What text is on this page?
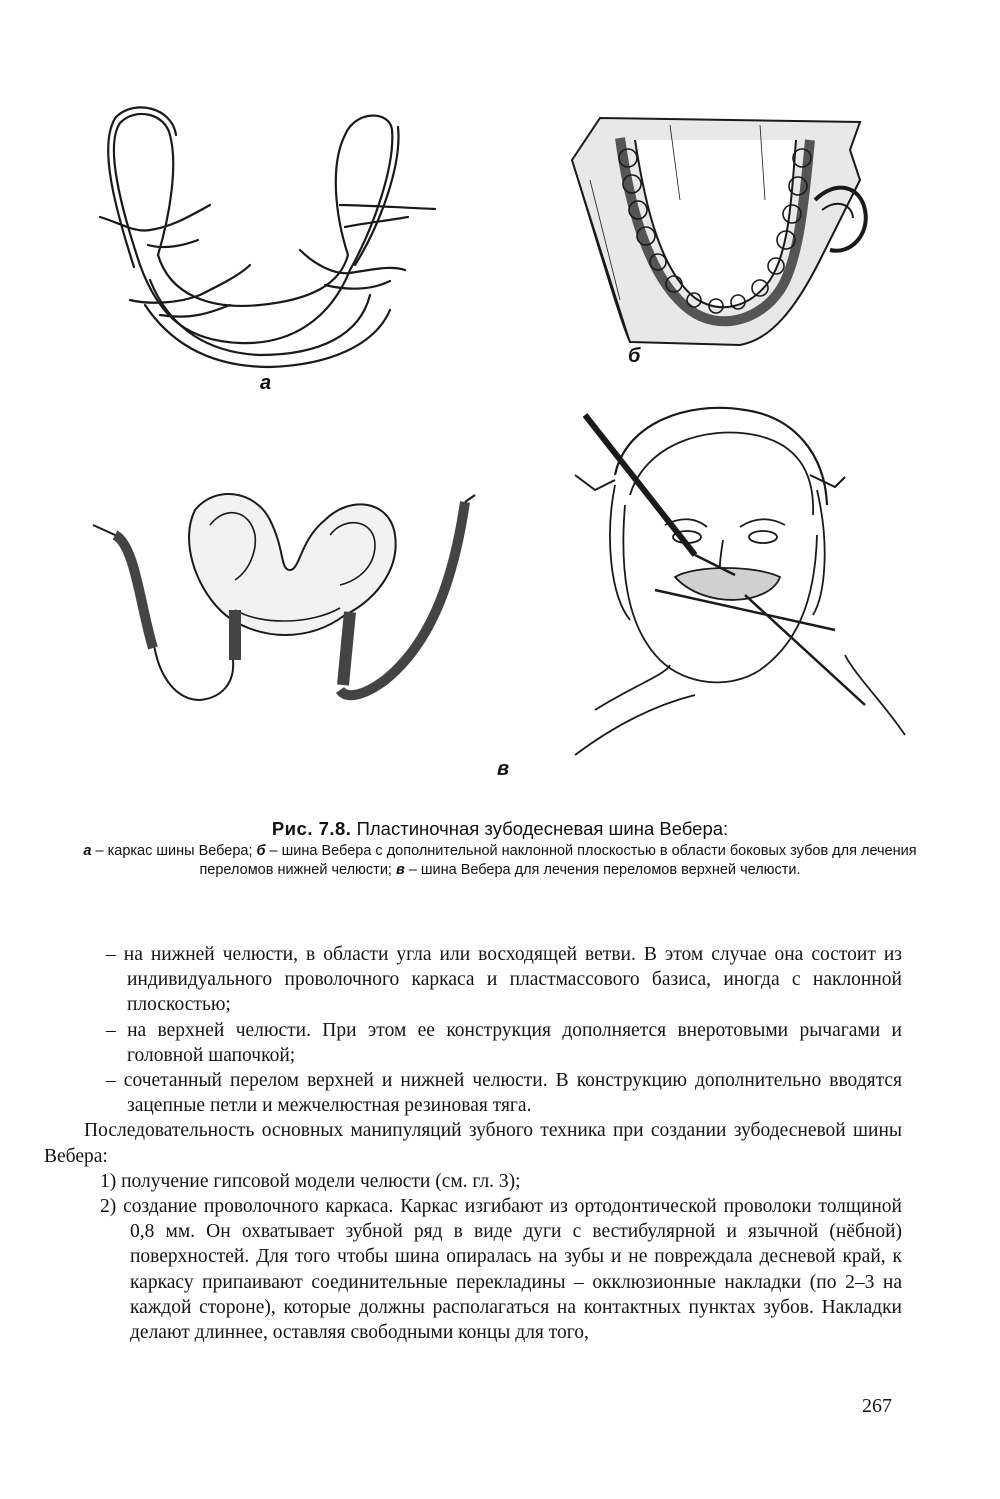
а
б
в
Рис. 7.8. Пластиночная зубодесневая шина Вебера:
а – каркас шины Вебера; б – шина Вебера с дополнительной наклонной плоскостью в области боковых зубов для лечения переломов нижней челюсти; в – шина Вебера для лечения переломов верхней челюсти.

– на нижней челюсти, в области угла или восходящей ветви. В этом случае она состоит из индивидуального проволочного каркаса и пластмассового базиса, иногда с наклонной плоскостью;

– на верхней челюсти. При этом ее конструкция дополняется внеротовыми рычагами и головной шапочкой;

– сочетанный перелом верхней и нижней челюсти. В конструкцию дополнительно вводятся зацепные петли и межчелюстная резиновая тяга.

Последовательность основных манипуляций зубного техника при создании зубодесневой шины Вебера:

1) получение гипсовой модели челюсти (см. гл. 3);

2) создание проволочного каркаса. Каркас изгибают из ортодонтической проволоки толщиной 0,8 мм. Он охватывает зубной ряд в виде дуги с вестибулярной и язычной (нёбной) поверхностей. Для того чтобы шина опиралась на зубы и не повреждала десневой край, к каркасу припаивают соединительные перекладины – окклюзионные накладки (по 2–3 на каждой стороне), которые должны располагаться на контактных пунктах зубов. Накладки делают длиннее, оставляя свободными концы для того,

267
